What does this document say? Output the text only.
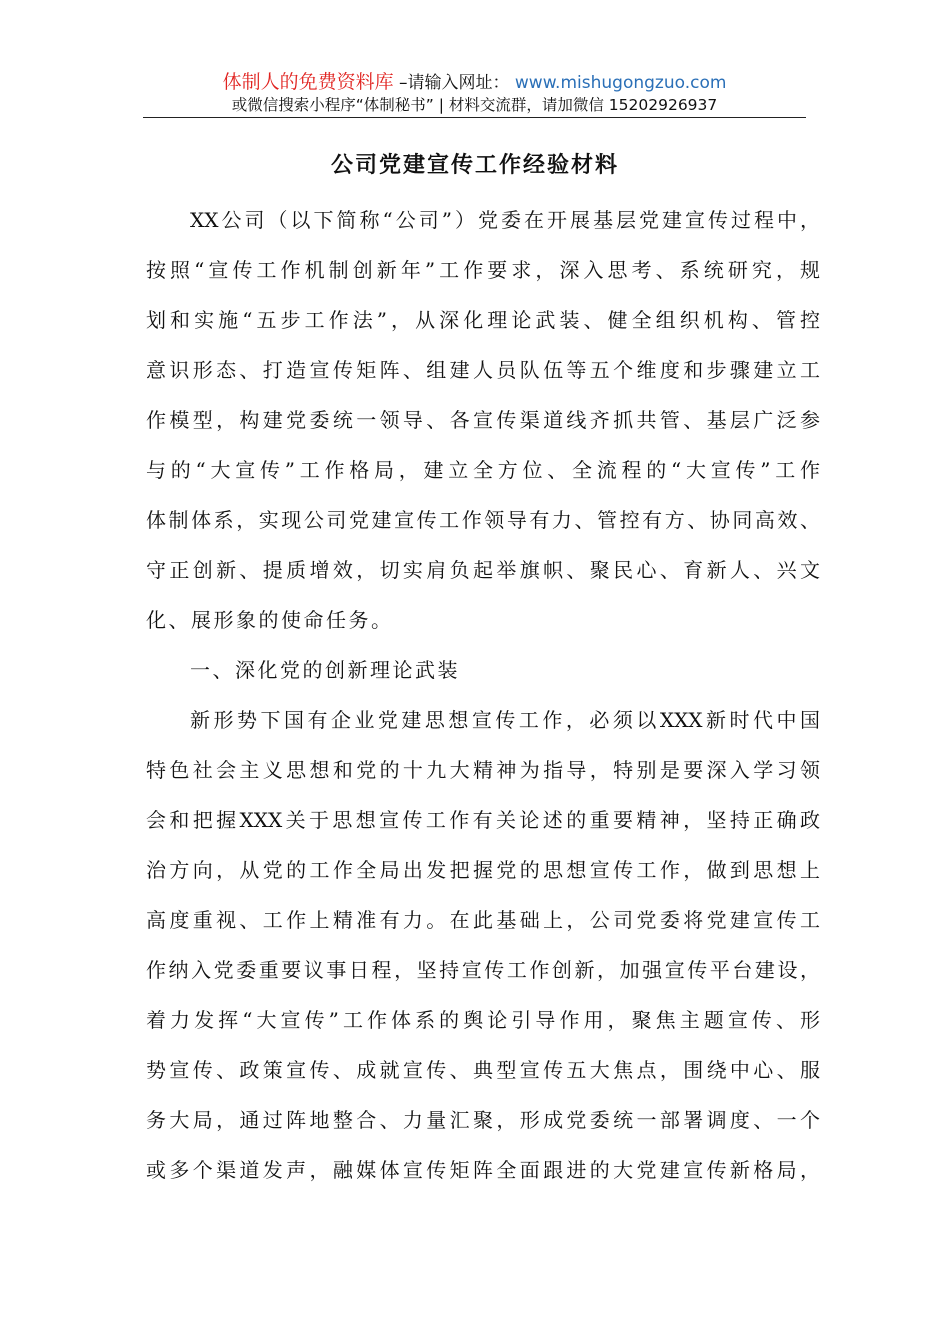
体制人的免费资料库 –请输入网址： www.mishugongzuo.com
或微信搜索小程序“体制秘书” | 材料交流群，请加微信 15202926937
公司党建宣传工作经验材料
XX公司（以下简称“公司”）党委在开展基层党建宣传过程中，
按照“宣传工作机制创新年”工作要求，深入思考、系统研究，规
划和实施“五步工作法”，从深化理论武装、健全组织机构、管控
意识形态、打造宣传矩阵、组建人员队伍等五个维度和步骤建立工
作模型，构建党委统一领导、各宣传渠道线齐抓共管、基层广泛参
与的“大宣传”工作格局，建立全方位、全流程的“大宣传”工作
体制体系，实现公司党建宣传工作领导有力、管控有方、协同高效、
守正创新、提质增效，切实肩负起举旗帜、聚民心、育新人、兴文
化、展形象的使命任务。
一、深化党的创新理论武装
新形势下国有企业党建思想宣传工作，必须以XXX新时代中国
特色社会主义思想和党的十九大精神为指导，特别是要深入学习领
会和把握XXX关于思想宣传工作有关论述的重要精神，坚持正确政
治方向，从党的工作全局出发把握党的思想宣传工作，做到思想上
高度重视、工作上精准有力。在此基础上，公司党委将党建宣传工
作纳入党委重要议事日程，坚持宣传工作创新，加强宣传平台建设，
着力发挥“大宣传”工作体系的舆论引导作用，聚焦主题宣传、形
势宣传、政策宣传、成就宣传、典型宣传五大焦点，围绕中心、服
务大局，通过阵地整合、力量汇聚，形成党委统一部署调度、一个
或多个渠道发声，融媒体宣传矩阵全面跟进的大党建宣传新格局，
